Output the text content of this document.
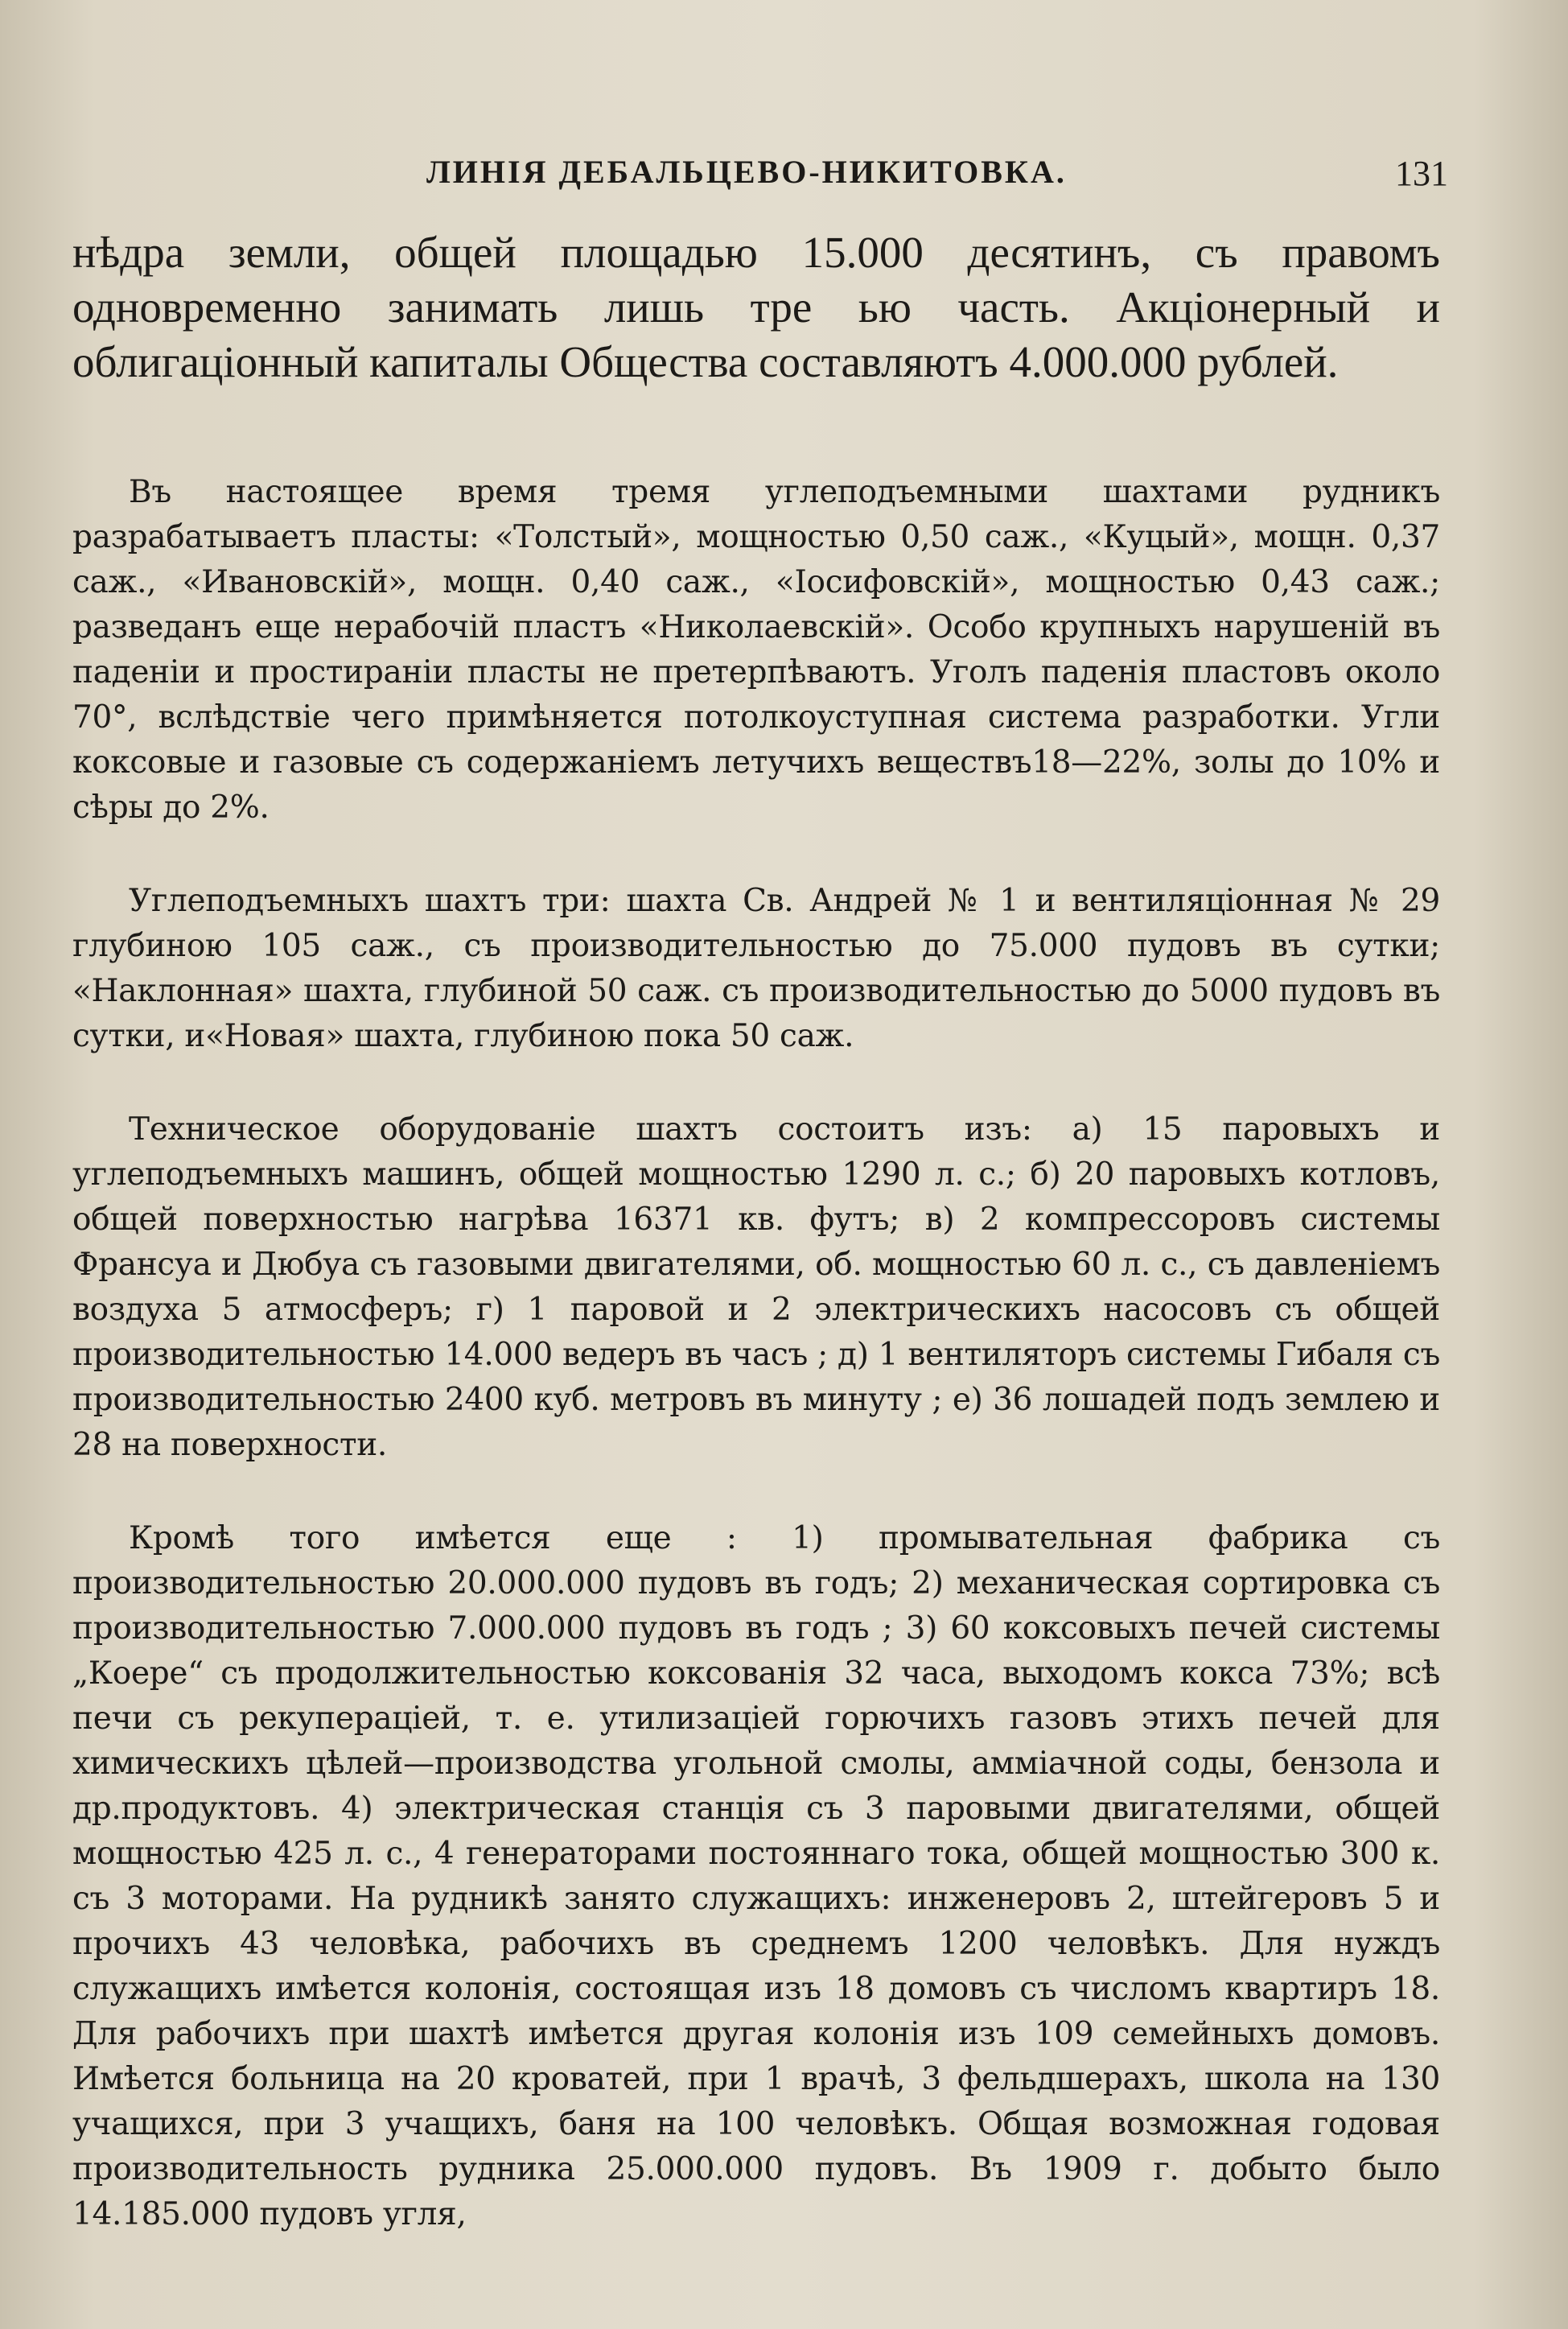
ЛИНІЯ ДЕБАЛЬЦЕВО-НИКИТОВКА.	131

нѣдра земли, общей площадью 15.000 десятинъ, съ правомъ одновременно занимать лишь тре ью часть. Акціонерный и облигаціонный капиталы Общества составляютъ 4.000.000 рублей.

Въ настоящее время тремя углеподъемными шахтами рудникъ разрабатываетъ пласты: «Толстый», мощностью 0,50 саж., «Куцый», мощн. 0,37 саж., «Ивановскій», мощн. 0,40 саж., «Іосифовскій», мощностью 0,43 саж.; разведанъ еще нерабочій пластъ «Николаевскій». Особо крупныхъ нарушеній въ паденіи и простираніи пласты не претерпѣваютъ. Уголъ паденія пластовъ около 70°, вслѣдствіе чего примѣняется потолкоуступная система разработки. Угли коксовые и газовые съ содержаніемъ летучихъ веществъ18—22%, золы до 10% и сѣры до 2%.

Углеподъемныхъ шахтъ три: шахта Св. Андрей № 1 и вентиляціонная № 29 глубиною 105 саж., съ производительностью до 75.000 пудовъ въ сутки; «Наклонная» шахта, глубиной 50 саж. съ производительностью до 5000 пудовъ въ сутки, и«Новая» шахта, глубиною пока 50 саж.

Техническое оборудованіе шахтъ состоитъ изъ: а) 15 паровыхъ и углеподъемныхъ машинъ, общей мощностью 1290 л. с.; б) 20 паровыхъ котловъ, общей поверхностью нагрѣва 16371 кв. футъ; в) 2 компрессоровъ системы Франсуа и Дюбуа съ газовыми двигателями, об. мощностью 60 л. с., съ давленіемъ воздуха 5 атмосферъ; г) 1 паровой и 2 электрическихъ насосовъ съ общей производительностью 14.000 ведеръ въ часъ ; д) 1 вентиляторъ системы Гибаля съ производительностью 2400 куб. метровъ въ минуту ; е) 36 лошадей подъ землею и 28 на поверхности.

Кромѣ того имѣется еще : 1) промывательная фабрика съ производительностью 20.000.000 пудовъ въ годъ; 2) механическая сортировка съ производительностью 7.000.000 пудовъ въ годъ ; 3) 60 коксовыхъ печей системы „Коере“ съ продолжительностью коксованія 32 часа, выходомъ кокса 73%; всѣ печи съ рекуперацiей, т. е. утилизацiей горючихъ газовъ этихъ печей для химическихъ цѣлей—производства угольной смолы, амміачной соды, бензола и др.продуктовъ. 4) электрическая станція съ 3 паровыми двигателями, общей мощностью 425 л. с., 4 генераторами постояннаго тока, общей мощностью 300 к. съ 3 моторами. На рудникѣ занято служащихъ: инженеровъ 2, штейгеровъ 5 и прочихъ 43 человѣка, рабочихъ въ среднемъ 1200 человѣкъ. Для нуждъ служащихъ имѣется колонія, состоящая изъ 18 домовъ съ числомъ квартиръ 18. Для рабочихъ при шахтѣ имѣется другая колонія изъ 109 семейныхъ домовъ. Имѣется больница на 20 кроватей, при 1 врачѣ, 3 фельдшерахъ, школа на 130 учащихся, при 3 учащихъ, баня на 100 человѣкъ. Общая возможная годовая производительность рудника 25.000.000 пудовъ. Въ 1909 г. добыто было 14.185.000 пудовъ угля,
